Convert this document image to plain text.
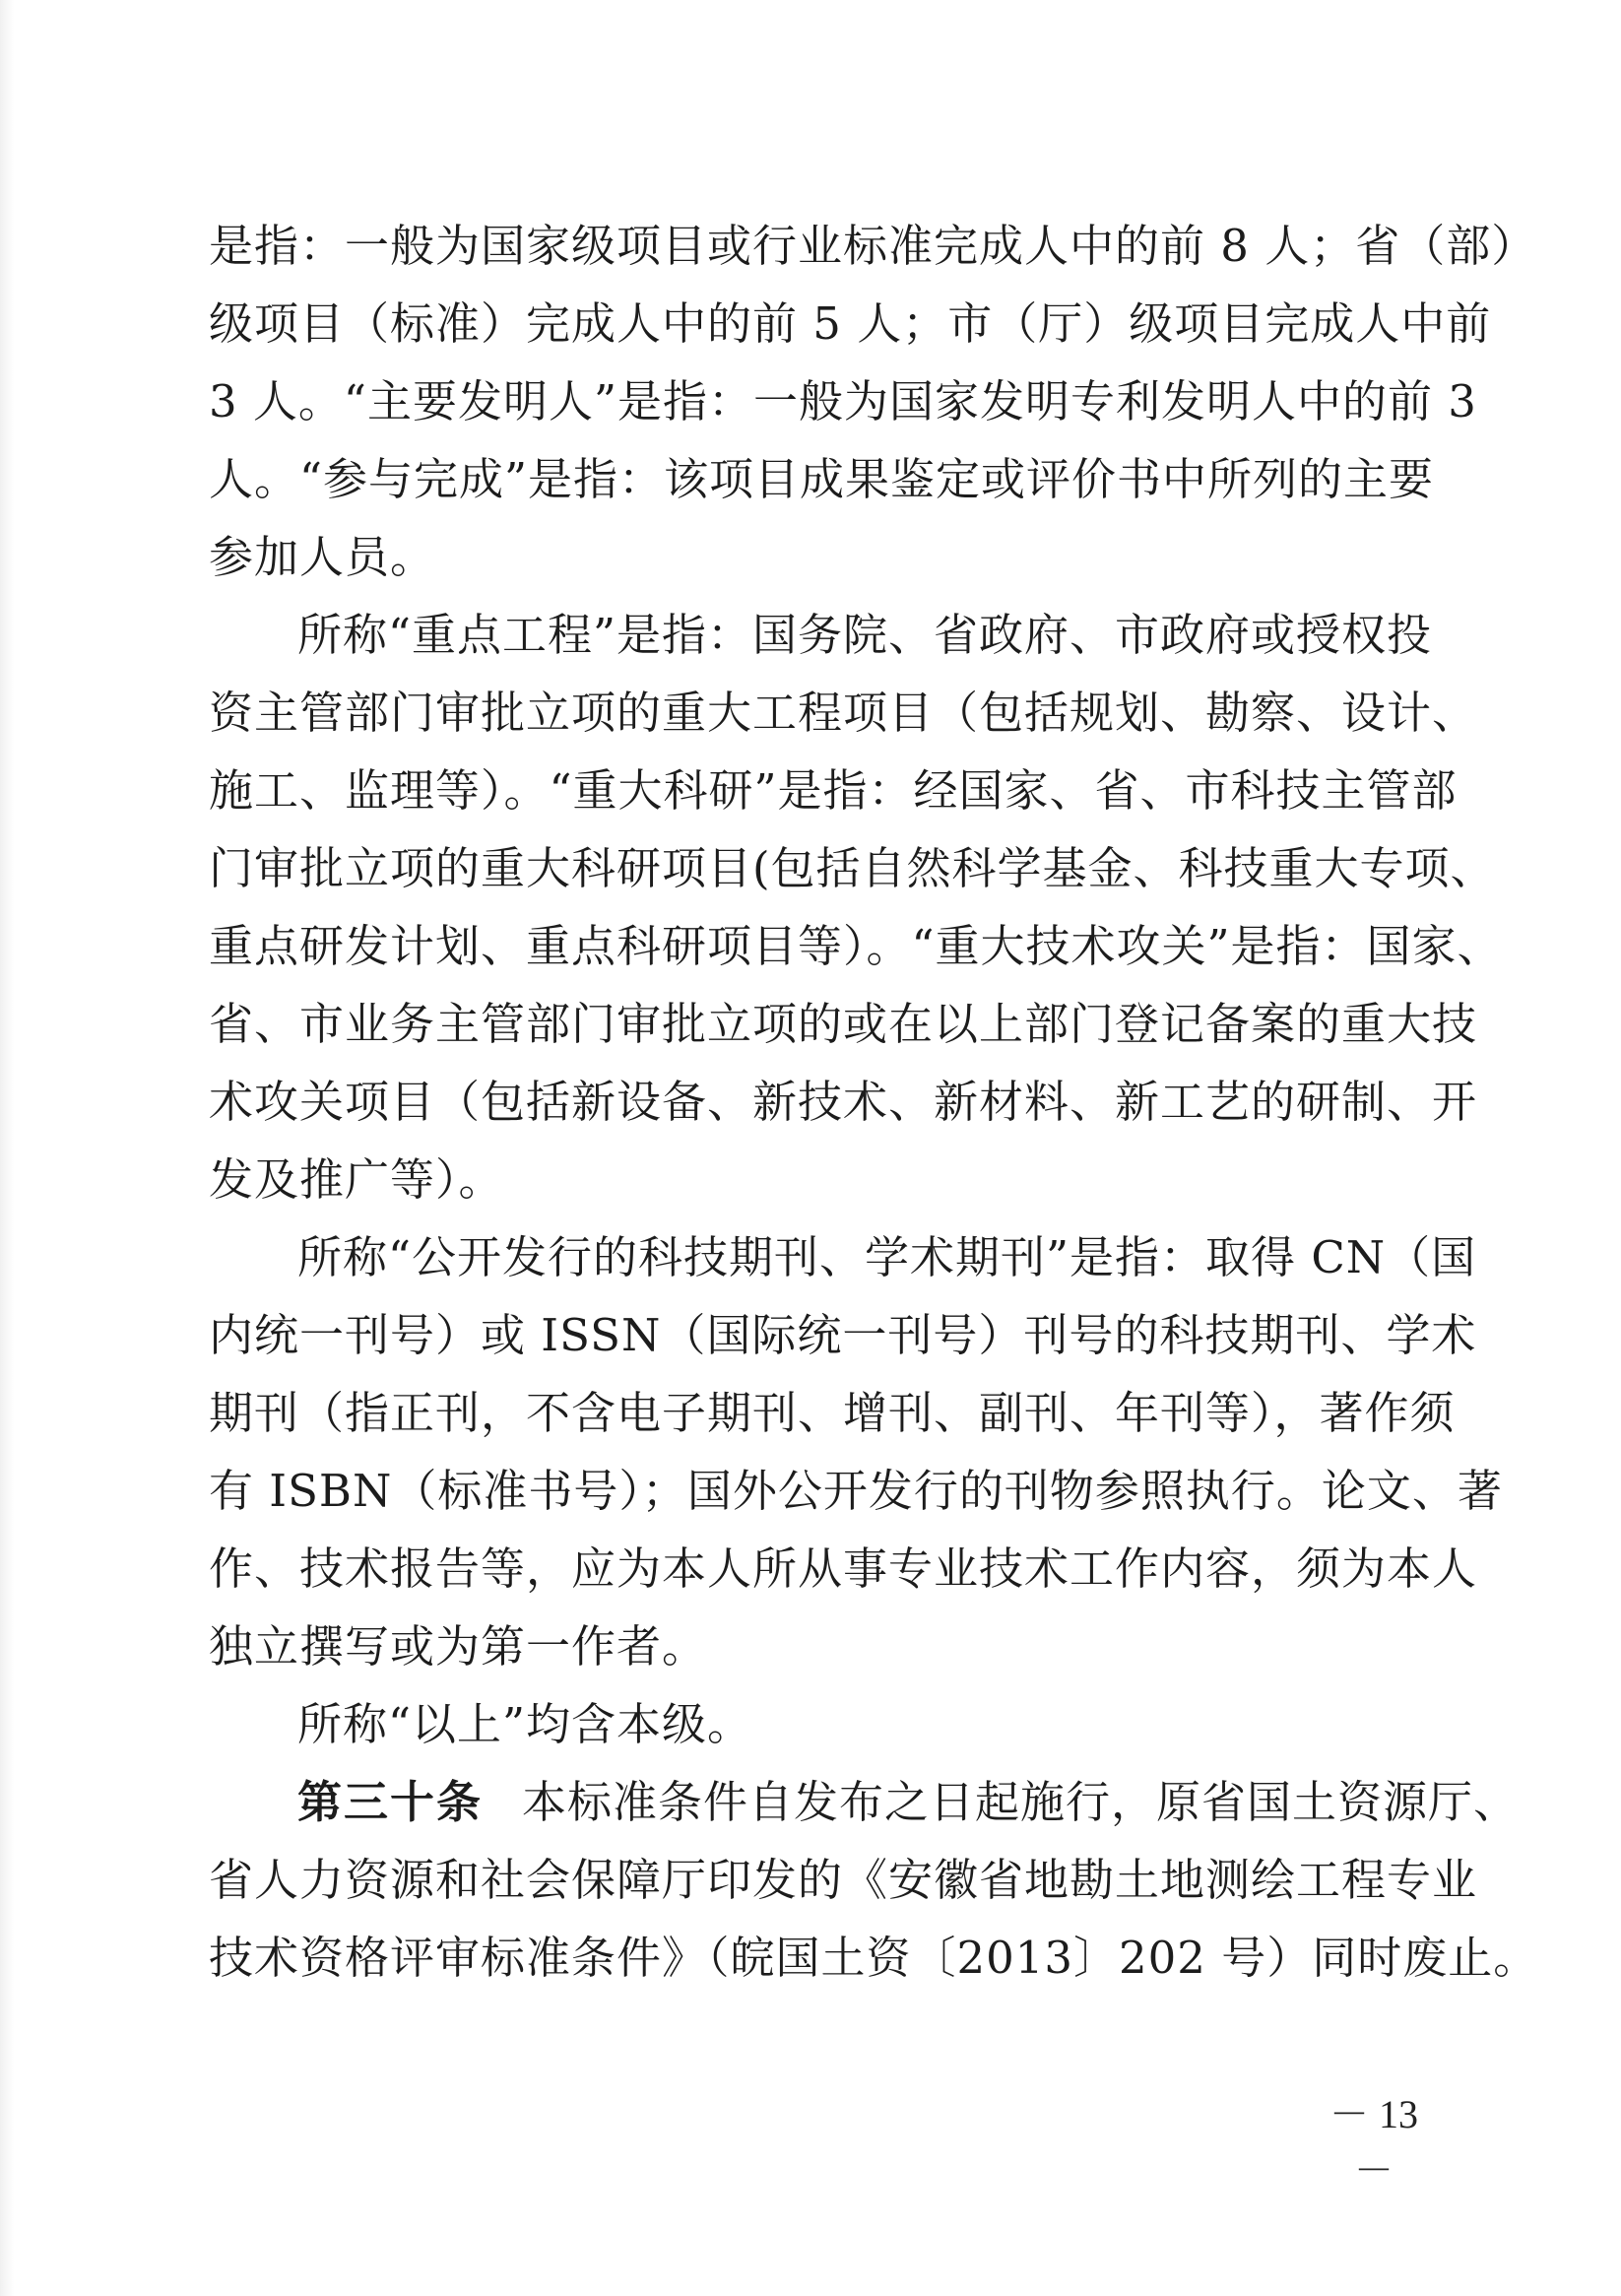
是指：一般为国家级项目或行业标准完成人中的前 8 人；省（部）
级项目（标准）完成人中的前 5 人；市（厅）级项目完成人中前
3 人。“主要发明人”是指：一般为国家发明专利发明人中的前 3
人。“参与完成”是指：该项目成果鉴定或评价书中所列的主要
参加人员。
所称“重点工程”是指：国务院、省政府、市政府或授权投
资主管部门审批立项的重大工程项目（包括规划、勘察、设计、
施工、监理等）。“重大科研”是指：经国家、省、市科技主管部
门审批立项的重大科研项目(包括自然科学基金、科技重大专项、
重点研发计划、重点科研项目等）。“重大技术攻关”是指：国家、
省、市业务主管部门审批立项的或在以上部门登记备案的重大技
术攻关项目（包括新设备、新技术、新材料、新工艺的研制、开
发及推广等）。
所称“公开发行的科技期刊、学术期刊”是指：取得 CN（国
内统一刊号）或 ISSN（国际统一刊号）刊号的科技期刊、学术
期刊（指正刊，不含电子期刊、增刊、副刊、年刊等），著作须
有 ISBN（标准书号）；国外公开发行的刊物参照执行。论文、著
作、技术报告等，应为本人所从事专业技术工作内容，须为本人
独立撰写或为第一作者。
所称“以上”均含本级。
第三十条 本标准条件自发布之日起施行，原省国土资源厅、
省人力资源和社会保障厅印发的《安徽省地勘土地测绘工程专业
技术资格评审标准条件》（皖国土资〔2013〕202 号）同时废止。
－ 13 －
